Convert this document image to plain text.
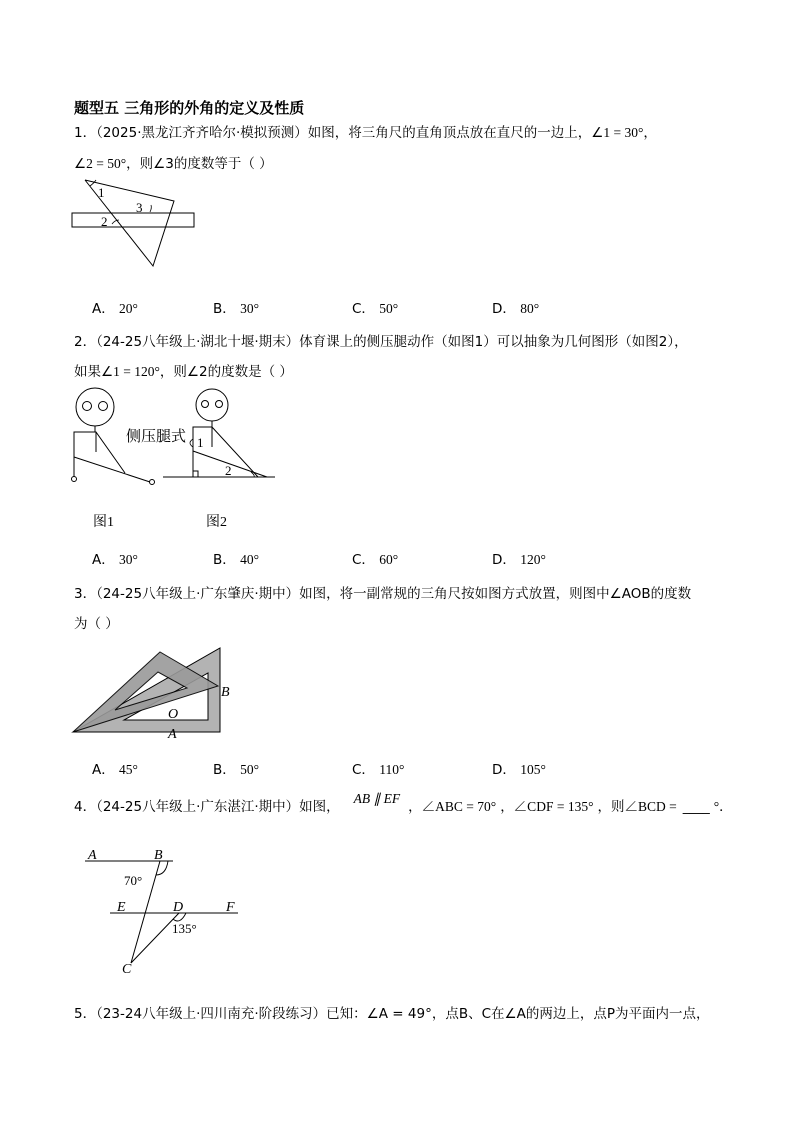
题型五 三角形的外角的定义及性质
1．（2025·黑龙江齐齐哈尔·模拟预测）如图，将三角尺的直角顶点放在直尺的一边上，∠1 = 30°，
∠2 = 50°，则∠3的度数等于（ ）
1
2
3
A． 20°	B． 30°	C． 50°	D． 80°
2．（24-25八年级上·湖北十堰·期末）体育课上的侧压腿动作（如图1）可以抽象为几何图形（如图2），
如果∠1 = 120°，则∠2的度数是（ ）
侧压腿式 1
2
图1	图2
A． 30°	B． 40°	C． 60°	D． 120°
3．（24-25八年级上·广东肇庆·期中）如图，将一副常规的三角尺按如图方式放置，则图中∠AOB的度数
为（ ）
B
O
A
A． 45°	B． 50°	C． 110°	D． 105°
4．（24-25八年级上·广东湛江·期中）如图，AB ∥ EF，∠ABC = 70° ，∠CDF = 135° ，则∠BCD = ____ °．
A	B
70°
E	D	F
135°
C
5．（23-24八年级上·四川南充·阶段练习）已知：∠A = 49°，点B、C在∠A的两边上，点P为平面内一点，
